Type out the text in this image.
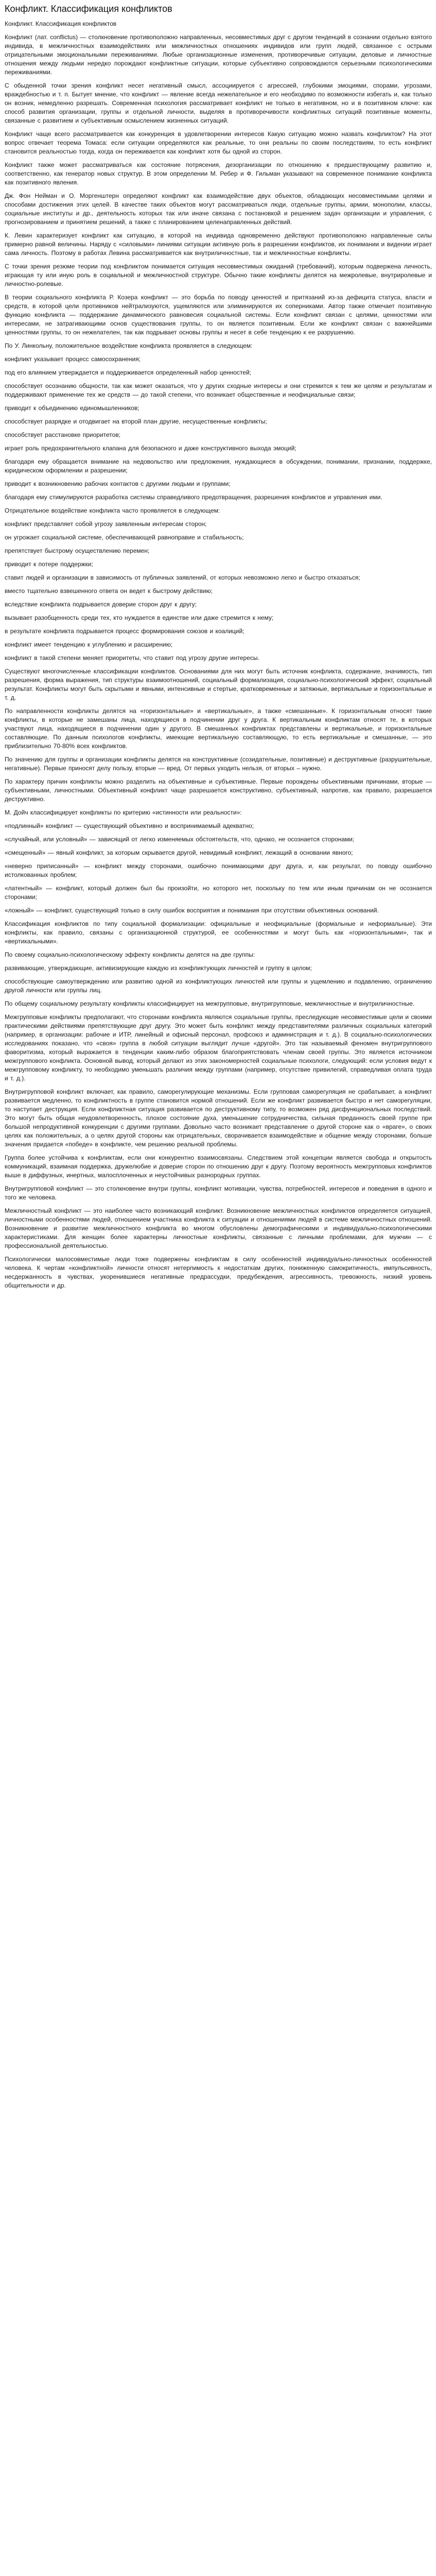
Конфликт. Классификация конфликтов
Конфликт. Классификация конфликтов

Конфликт (лат. conflictus) — столкновение противоположно направленных, несовместимых друг с другом тенденций в сознании отдельно взятого индивида, в межличностных взаимодействиях или межличностных отношениях индивидов или групп людей, связанное с острыми отрицательными эмоциональными переживаниями. Любые организационные изменения, противоречивые ситуации, деловые и личностные отношения между людьми нередко порождают конфликтные ситуации, которые субъективно сопровождаются серьезными психологическими переживаниями.

С обыденной точки зрения конфликт несет негативный смысл, ассоциируется с агрессией, глубокими эмоциями, спорами, угрозами, враждебностью и т. п. Бытует мнение, что конфликт — явление всегда нежелательное и его необходимо по возможности избегать и, как только он возник, немедленно разрешать. Современная психология рассматривает конфликт не только в негативном, но и в позитивном ключе: как способ развития организации, группы и отдельной личности, выделяя в противоречивости конфликтных ситуаций позитивные моменты, связанные с развитием и субъективным осмыслением жизненных ситуаций.

Конфликт чаще всего рассматривается как конкуренция в удовлетворении интересов Какую ситуацию можно назвать конфликтом? На этот вопрос отвечает теорема Томаса: если ситуации определяются как реальные, то они реальны по своим последствиям, то есть конфликт становится реальностью тогда, когда он переживается как конфликт хотя бы одной из сторон.

Конфликт также может рассматриваться как состояние потрясения, дезорганизации по отношению к предшествующему развитию и, соответственно, как генератор новых структур. В этом определении М. Ребер и Ф. Гильман указывают на современное понимание конфликта как позитивного явления.

Дж. Фон Нейман и О. Моргенштерн определяют конфликт как взаимодействие двух объектов, обладающих несовместимыми целями и способами достижения этих целей. В качестве таких объектов могут рассматриваться люди, отдельные группы, армии, монополии, классы, социальные институты и др., деятельность которых так или иначе связана с постановкой и решением задач организации и управления, с прогнозированием и принятием решений, а также с планированием целенаправленных действий.

К. Левин характеризует конфликт как ситуацию, в которой на индивида одновременно действуют противоположно направленные силы примерно равной величины. Наряду с «силовыми» линиями ситуации активную роль в разрешении конфликтов, их понимании и видении играет сама личность. Поэтому в работах Левина рассматривается как внутриличностные, так и межличностные конфликты.

С точки зрения резюме теории под конфликтом понимается ситуация несовместимых ожиданий (требований), которым подвержена личность, играющая ту или иную роль в социальной и межличностной структуре. Обычно такие конфликты делятся на межролевые, внутриролевые и личностно-ролевые.

В теории социального конфликта Р. Козера конфликт — это борьба по поводу ценностей и притязаний из-за дефицита статуса, власти и средств, в которой цели противников нейтрализуются, ущемляются или элиминируются их соперниками. Автор также отмечает позитивную функцию конфликта — поддержание динамического равновесия социальной системы. Если конфликт связан с целями, ценностями или интересами, не затрагивающими основ существования группы, то он является позитивным. Если же конфликт связан с важнейшими ценностями группы, то он нежелателен, так как подрывает основы группы и несет в себе тенденцию к ее разрушению.

По У. Линкольну, положительное воздействие конфликта проявляется в следующем:

конфликт указывает процесс самосохранения;

под его влиянием утверждается и поддерживается определенный набор ценностей;

способствует осознанию общности, так как может оказаться, что у других сходные интересы и они стремится к тем же целям и результатам и поддерживают применение тех же средств — до такой степени, что возникает общественные и неофициальные связи;

приводит к объединению единомышленников;

способствует разрядке и отодвигает на второй план другие, несущественные конфликты;

способствует расстановке приоритетов;

играет роль предохранительного клапана для безопасного и даже конструктивного выхода эмоций;

благодаря ему обращается внимание на недовольство или предложения, нуждающиеся в обсуждении, понимании, признании, поддержке, юридическом оформлении и разрешении;

приводит к возникновению рабочих контактов с другими людьми и группами;

благодаря ему стимулируются разработка системы справедливого предотвращения, разрешения конфликтов и управления ими.

Отрицательное воздействие конфликта часто проявляется в следующем:

конфликт представляет собой угрозу заявленным интересам сторон;

он угрожает социальной системе, обеспечивающей равноправие и стабильность;

препятствует быстрому осуществлению перемен;

приводит к потере поддержки;

ставит людей и организации в зависимость от публичных заявлений, от которых невозможно легко и быстро отказаться;

вместо тщательно взвешенного ответа он ведет к быстрому действию;

вследствие конфликта подрывается доверие сторон друг к другу;

вызывает разобщенность среди тех, кто нуждается в единстве или даже стремится к нему;

в результате конфликта подрывается процесс формирования союзов и коалиций;

конфликт имеет тенденцию к углублению и расширению;

конфликт в такой степени меняет приоритеты, что ставит под угрозу другие интересы.

Существуют многочисленные классификации конфликтов. Основаниями для них могут быть источник конфликта, содержание, значимость, тип разрешения, форма выражения, тип структуры взаимоотношений, социальный формализация, социально-психологический эффект, социальный результат. Конфликты могут быть скрытыми и явными, интенсивные и стертые, кратковременные и затяжные, вертикальные и горизонтальные и т. д.

По направленности конфликты делятся на «горизонтальные» и «вертикальные», а также «смешанные». К горизонтальным относят такие конфликты, в которые не замешаны лица, находящиеся в подчинении друг у друга. К вертикальным конфликтам относят те, в которых участвуют лица, находящиеся в подчинении один у другого. В смешанных конфликтах представлены и вертикальные, и горизонтальные составляющие. По данным психологов конфликты, имеющие вертикальную составляющую, то есть вертикальные и смешанные, — это приблизительно 70-80% всех конфликтов.

По значению для группы и организации конфликты делятся на конструктивные (созидательные, позитивные) и деструктивные (разрушительные, негативные). Первые приносят делу пользу, вторые — вред. От первых уходить нельзя, от вторых – нужно.

По характеру причин конфликты можно разделить на объективные и субъективные. Первые порождены объективными причинами, вторые — субъективными, личностными. Объективный конфликт чаще разрешается конструктивно, субъективный, напротив, как правило, разрешается деструктивно.

М. Дойч классифицирует конфликты по критерию «истинности или реальности»:

«подлинный» конфликт — существующий объективно и воспринимаемый адекватно;

«случайный, или условный» — зависящий от легко изменяемых обстоятельств, что, однако, не осознается сторонами;

«смещенный» — явный конфликт, за которым скрывается другой, невидимый конфликт, лежащий в основании явного;

«неверно приписанный» — конфликт между сторонами, ошибочно понимающими друг друга, и, как результат, по поводу ошибочно истолкованных проблем;

«латентный» — конфликт, который должен был бы произойти, но которого нет, поскольку по тем или иным причинам он не осознается сторонами;

«ложный» — конфликт, существующий только в силу ошибок восприятия и понимания при отсутствии объективных оснований.

Классификация конфликтов по типу социальной формализации: официальные и неофициальные (формальные и неформальные). Эти конфликты, как правило, связаны с организационной структурой, ее особенностями и могут быть как «горизонтальными», так и «вертикальными».

По своему социально-психологическому эффекту конфликты делятся на две группы:

развивающие, утверждающие, активизирующие каждую из конфликтующих личностей и группу в целом;

способствующие самоутверждению или развитию одной из конфликтующих личностей или группы и ущемлению и подавлению, ограничению другой личности или группы лиц.

По общему социальному результату конфликты классифицирует на межгрупповые, внутригрупповые, межличностные и внутриличностные.

Межгрупповые конфликты предполагают, что сторонами конфликта являются социальные группы, преследующие несовместимые цели и своими практическими действиями препятствующие друг другу. Это может быть конфликт между представителями различных социальных категорий (например, в организации: рабочие и ИТР, линейный и офисный персонал, профсоюз и администрация и т. д.). В социально-психологических исследованиях показано, что «своя» группа в любой ситуации выглядит лучше «другой». Это так называемый феномен внутригруппового фаворитизма, который выражается в тенденции каким-либо образом благоприятствовать членам своей группы. Это является источником межгруппового конфликта. Основной вывод, который делают из этих закономерностей социальные психологи, следующий: если условия ведут к межгрупповому конфликту, то необходимо уменьшать различия между группами (например, отсутствие привилегий, справедливая оплата труда и т. д.).

Внутригрупповой конфликт включает, как правило, саморегулирующие механизмы. Если групповая саморегуляция не срабатывает, а конфликт развивается медленно, то конфликтность в группе становится нормой отношений. Если же конфликт развивается быстро и нет саморегуляции, то наступает деструкция. Если конфликтная ситуация развивается по деструктивному типу, то возможен ряд дисфункциональных последствий. Это могут быть общая неудовлетворенность, плохое состояние духа, уменьшение сотрудничества, сильная преданность своей группе при большой непродуктивной конкуренции с другими группами. Довольно часто возникает представление о другой стороне как о «враге», о своих целях как положительных, а о целях другой стороны как отрицательных, сворачивается взаимодействие и общение между сторонами, больше значения придается «победе» в конфликте, чем решению реальной проблемы.

Группа более устойчива к конфликтам, если они конкурентно взаимосвязаны. Следствием этой концепции является свобода и открытость коммуникаций, взаимная поддержка, дружелюбие и доверие сторон по отношению друг к другу. Поэтому вероятность межгрупповых конфликтов выше в диффузных, инертных, малосплоченных и неустойчивых разнородных группах.

Внутригрупповой конфликт — это столкновение внутри группы, конфликт мотивации, чувства, потребностей, интересов и поведения в одного и того же человека.

Межличностный конфликт — это наиболее часто возникающий конфликт. Возникновение межличностных конфликтов определяется ситуацией, личностными особенностями людей, отношением участника конфликта к ситуации и отношениями людей в системе межличностных отношений. Возникновение и развитие межличностного конфликта во многом обусловлены демографическими и индивидуально-психологическими характеристиками. Для женщин более характерны личностные конфликты, связанные с личными проблемами, для мужчин — с профессиональной деятельностью.

Психологически малосовместимые люди тоже подвержены конфликтам в силу особенностей индивидуально-личностных особенностей человека. К чертам «конфликтной» личности относят нетерпимость к недостаткам других, пониженную самокритичность, импульсивность, несдержанность в чувствах, укоренившиеся негативные предрассудки, предубеждения, агрессивность, тревожность, низкий уровень общительности и др.
